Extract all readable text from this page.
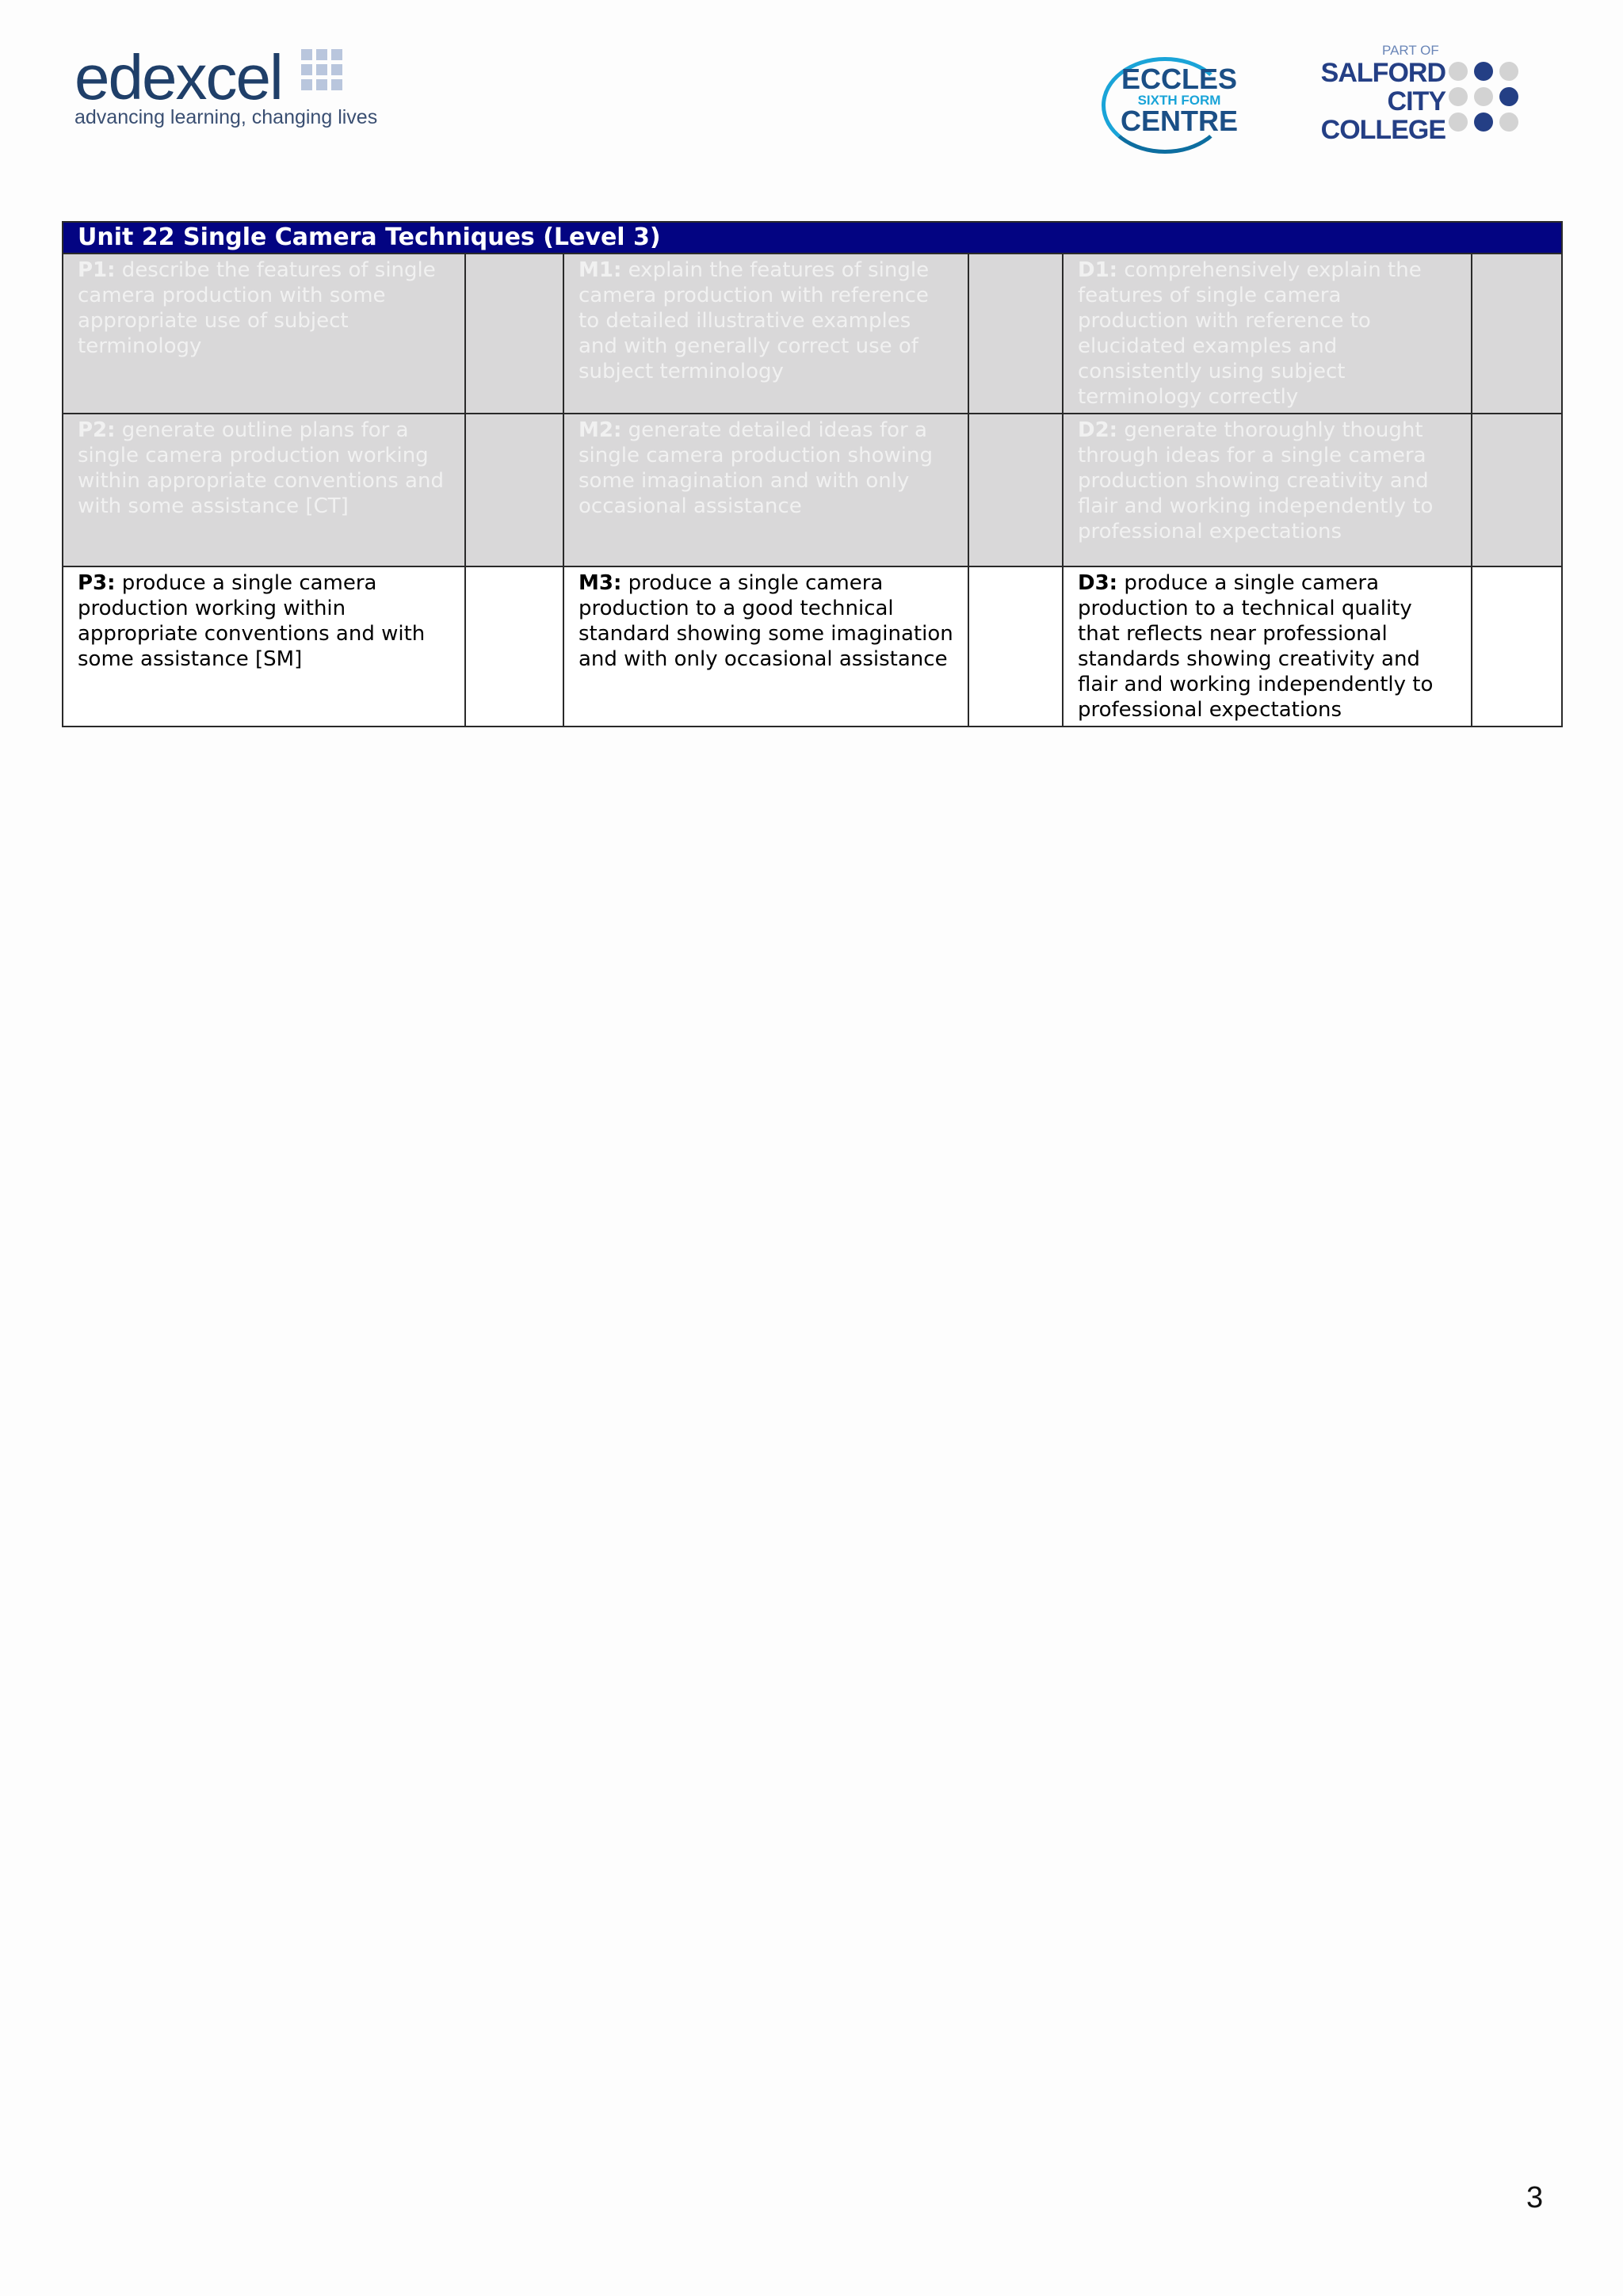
edexcel
advancing learning, changing lives
ECCLES
SIXTH FORM
CENTRE
PART OF
SALFORD
CITY
COLLEGE
Unit 22 Single Camera Techniques (Level 3)					
P1: describe the features of single camera production with some appropriate use of subject terminology		M1: explain the features of single camera production with reference to detailed illustrative examples and with generally correct use of subject terminology		D1: comprehensively explain the features of single camera production with reference to elucidated examples and consistently using subject terminology correctly	
P2: generate outline plans for a single camera production working within appropriate conventions and with some assistance [CT]		M2: generate detailed ideas for a single camera production showing some imagination and with only occasional assistance		D2: generate thoroughly thought through ideas for a single camera production showing creativity and flair and working independently to professional expectations	
P3: produce a single camera production working within appropriate conventions and with some assistance [SM]		M3: produce a single camera production to a good technical standard showing some imagination and with only occasional assistance		D3: produce a single camera production to a technical quality that reflects near professional standards showing creativity and flair and working independently to professional expectations	
3
